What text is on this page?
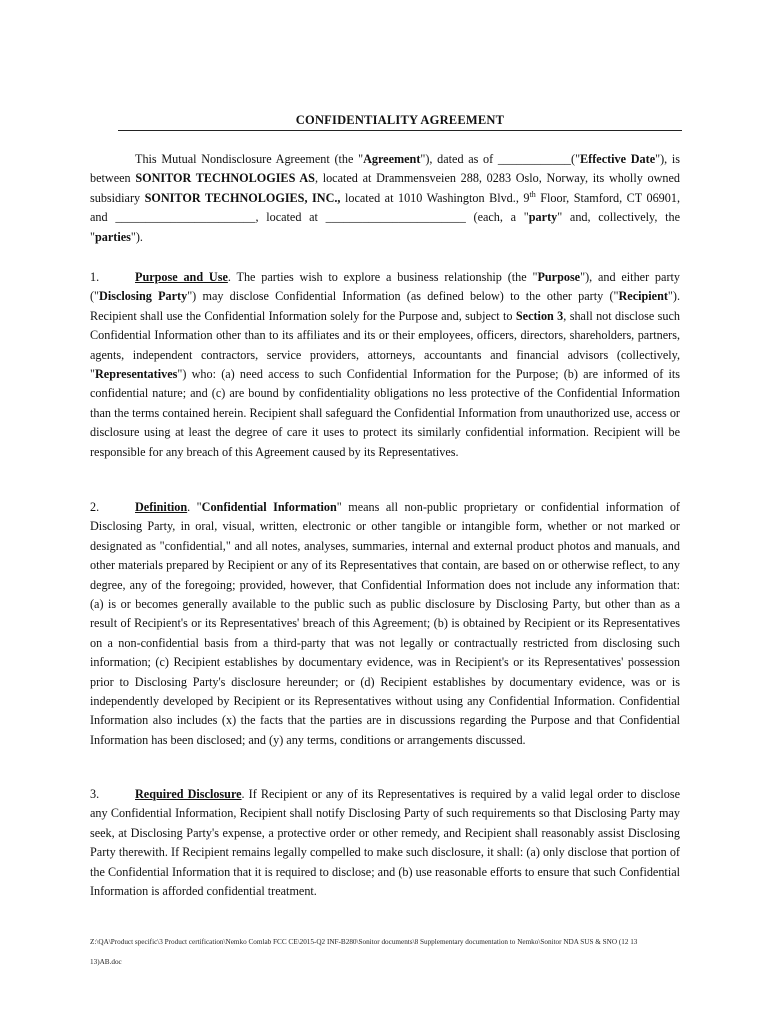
CONFIDENTIALITY AGREEMENT
This Mutual Nondisclosure Agreement (the "Agreement"), dated as of ____________("Effective Date"), is between SONITOR TECHNOLOGIES AS, located at Drammensveien 288, 0283 Oslo, Norway, its wholly owned subsidiary SONITOR TECHNOLOGIES, INC., located at 1010 Washington Blvd., 9th Floor, Stamford, CT 06901, and _______________________, located at _______________________ (each, a "party" and, collectively, the "parties").
1.	Purpose and Use. The parties wish to explore a business relationship (the "Purpose"), and either party ("Disclosing Party") may disclose Confidential Information (as defined below) to the other party ("Recipient"). Recipient shall use the Confidential Information solely for the Purpose and, subject to Section 3, shall not disclose such Confidential Information other than to its affiliates and its or their employees, officers, directors, shareholders, partners, agents, independent contractors, service providers, attorneys, accountants and financial advisors (collectively, "Representatives") who: (a) need access to such Confidential Information for the Purpose; (b) are informed of its confidential nature; and (c) are bound by confidentiality obligations no less protective of the Confidential Information than the terms contained herein. Recipient shall safeguard the Confidential Information from unauthorized use, access or disclosure using at least the degree of care it uses to protect its similarly confidential information. Recipient will be responsible for any breach of this Agreement caused by its Representatives.
2.	Definition. "Confidential Information" means all non-public proprietary or confidential information of Disclosing Party, in oral, visual, written, electronic or other tangible or intangible form, whether or not marked or designated as "confidential," and all notes, analyses, summaries, internal and external product photos and manuals, and other materials prepared by Recipient or any of its Representatives that contain, are based on or otherwise reflect, to any degree, any of the foregoing; provided, however, that Confidential Information does not include any information that: (a) is or becomes generally available to the public such as public disclosure by Disclosing Party, but other than as a result of Recipient's or its Representatives' breach of this Agreement; (b) is obtained by Recipient or its Representatives on a non-confidential basis from a third-party that was not legally or contractually restricted from disclosing such information; (c) Recipient establishes by documentary evidence, was in Recipient's or its Representatives' possession prior to Disclosing Party's disclosure hereunder; or (d) Recipient establishes by documentary evidence, was or is independently developed by Recipient or its Representatives without using any Confidential Information. Confidential Information also includes (x) the facts that the parties are in discussions regarding the Purpose and that Confidential Information has been disclosed; and (y) any terms, conditions or arrangements discussed.
3.	Required Disclosure. If Recipient or any of its Representatives is required by a valid legal order to disclose any Confidential Information, Recipient shall notify Disclosing Party of such requirements so that Disclosing Party may seek, at Disclosing Party's expense, a protective order or other remedy, and Recipient shall reasonably assist Disclosing Party therewith. If Recipient remains legally compelled to make such disclosure, it shall: (a) only disclose that portion of the Confidential Information that it is required to disclose; and (b) use reasonable efforts to ensure that such Confidential Information is afforded confidential treatment.
Z:\QA\Product specific\3 Product certification\Nemko Comlab FCC CE\2015-Q2 INF-B280\Sonitor documents\8 Supplementary documentation to Nemko\Sonitor NDA SUS & SNO (12 13
13)AB.doc
